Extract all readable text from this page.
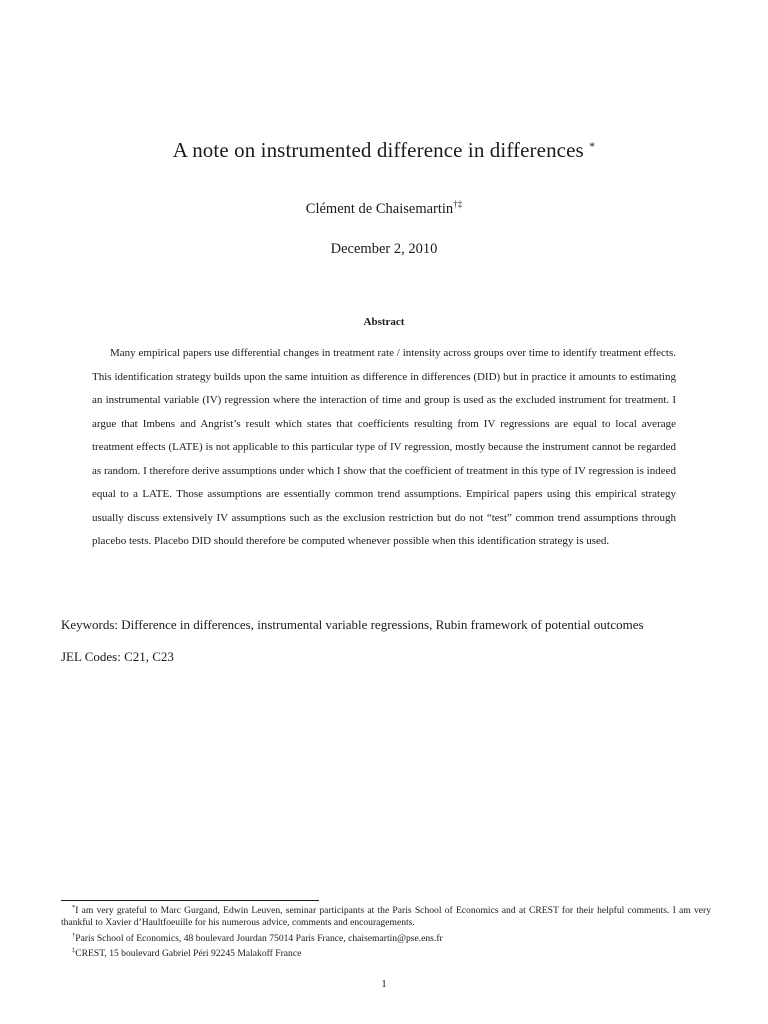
A note on instrumented difference in differences *
Clément de Chaisemartin†‡
December 2, 2010
Abstract
Many empirical papers use differential changes in treatment rate / intensity across groups over time to identify treatment effects. This identification strategy builds upon the same intuition as difference in differences (DID) but in practice it amounts to estimating an instrumental variable (IV) regression where the interaction of time and group is used as the excluded instrument for treatment. I argue that Imbens and Angrist’s result which states that coefficients resulting from IV regressions are equal to local average treatment effects (LATE) is not applicable to this particular type of IV regression, mostly because the instrument cannot be regarded as random. I therefore derive assumptions under which I show that the coefficient of treatment in this type of IV regression is indeed equal to a LATE. Those assumptions are essentially common trend assumptions. Empirical papers using this empirical strategy usually discuss extensively IV assumptions such as the exclusion restriction but do not “test” common trend assumptions through placebo tests. Placebo DID should therefore be computed whenever possible when this identification strategy is used.
Keywords: Difference in differences, instrumental variable regressions, Rubin framework of potential outcomes
JEL Codes: C21, C23
*I am very grateful to Marc Gurgand, Edwin Leuven, seminar participants at the Paris School of Economics and at CREST for their helpful comments. I am very thankful to Xavier d’Haultfoeuille for his numerous advice, comments and encouragements.
†Paris School of Economics, 48 boulevard Jourdan 75014 Paris France, chaisemartin@pse.ens.fr
‡CREST, 15 boulevard Gabriel Péri 92245 Malakoff France
1
